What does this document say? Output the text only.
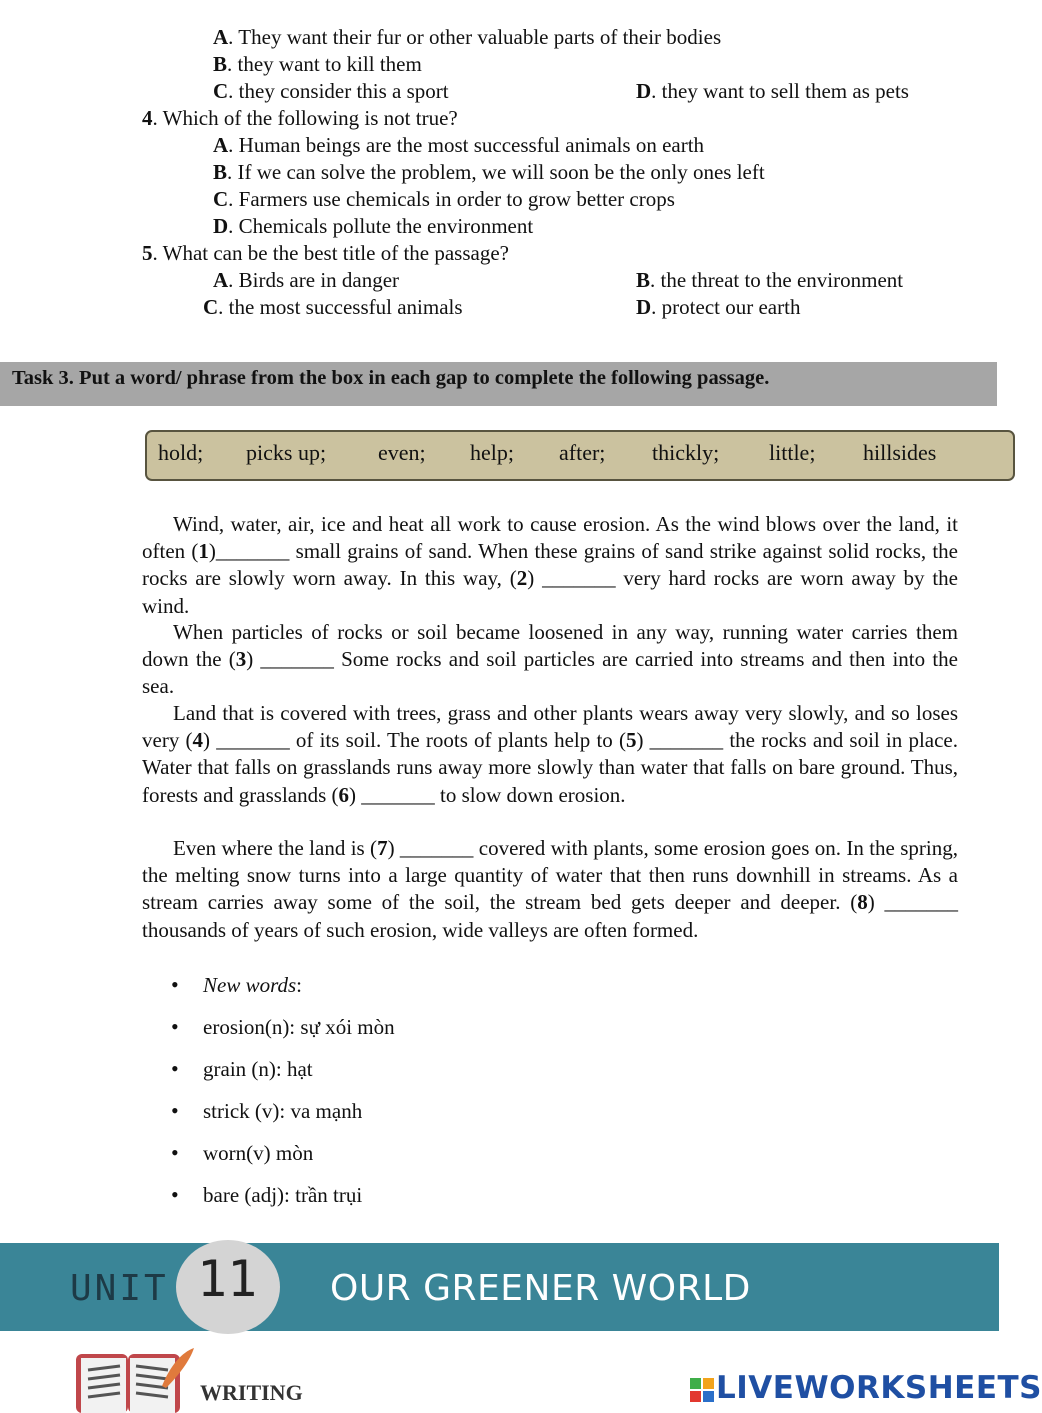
A. They want their fur or other valuable parts of their bodies
B. they want to kill them
C. they consider this a sport	D. they want to sell them as pets
4. Which of the following is not true?
A. Human beings are the most successful animals on earth
B. If we can solve the problem, we will soon be the only ones left
C. Farmers use chemicals in order to grow better crops
D. Chemicals pollute the environment
5. What can be the best title of the passage?
A. Birds are in danger	B. the threat to the environment
C. the most successful animals	D. protect our earth
Task 3. Put a word/ phrase from the box in each gap to complete the following passage.
hold; picks up; even; help; after; thickly; little; hillsides
Wind, water, air, ice and heat all work to cause erosion. As the wind blows over the land, it often (1)_______ small grains of sand. When these grains of sand strike against solid rocks, the rocks are slowly worn away. In this way, (2) _______ very hard rocks are worn away by the wind.
When particles of rocks or soil became loosened in any way, running water carries them down the (3) _______ Some rocks and soil particles are carried into streams and then into the sea.
Land that is covered with trees, grass and other plants wears away very slowly, and so loses very (4) _______ of its soil. The roots of plants help to (5) _______ the rocks and soil in place. Water that falls on grasslands runs away more slowly than water that falls on bare ground. Thus, forests and grasslands (6) _______ to slow down erosion.
Even where the land is (7) _______ covered with plants, some erosion goes on. In the spring, the melting snow turns into a large quantity of water that then runs downhill in streams. As a stream carries away some of the soil, the stream bed gets deeper and deeper. (8) _______ thousands of years of such erosion, wide valleys are often formed.
• New words:
• erosion(n): sự xói mòn
• grain (n): hạt
• strick (v): va mạnh
• worn(v) mòn
• bare (adj): trần trụi
UNIT 11 OUR GREENER WORLD
WRITING	LIVEWORKSHEETS
